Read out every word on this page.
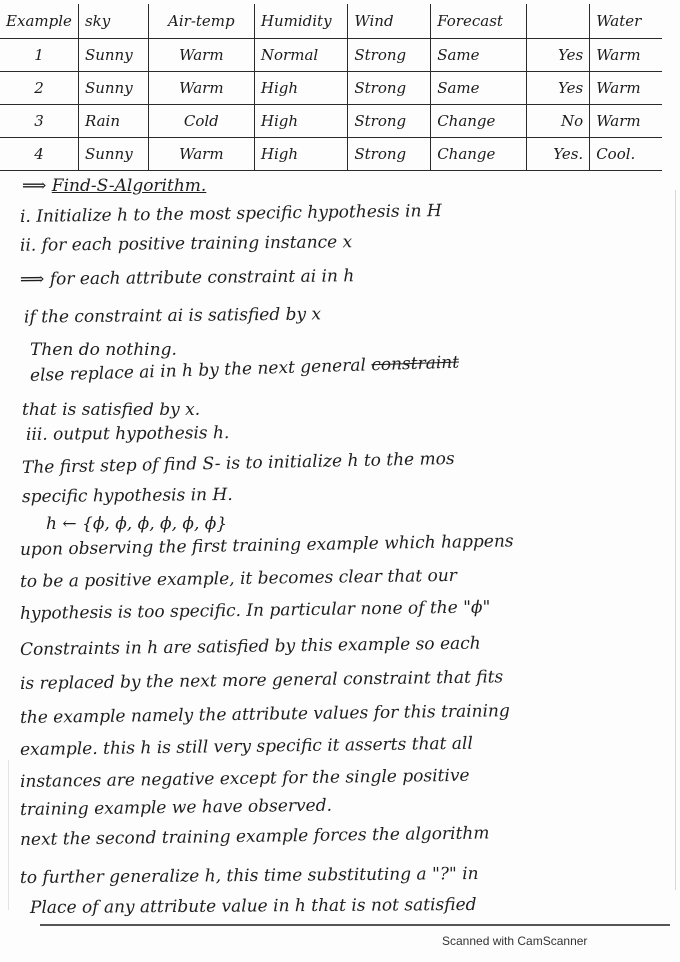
Example	sky	Air-temp	Humidity	Wind	Forecast		Water
1	Sunny	Warm	Normal	Strong	Same	Yes	Warm
2	Sunny	Warm	High	Strong	Same	Yes	Warm
3	Rain	Cold	High	Strong	Change	No	Warm
4	Sunny	Warm	High	Strong	Change	Yes.	Cool.
⟹ Find-S-Algorithm.
i. Initialize h to the most specific hypothesis in H
ii. for each positive training instance x
⟹ for each attribute constraint ai in h
if the constraint ai is satisfied by x
Then do nothing.
else replace ai in h by the next general constraint
that is satisfied by x.
iii. output hypothesis h.
The first step of find S- is to initialize h to the mos
specific hypothesis in H.
h ← {ϕ, ϕ, ϕ, ϕ, ϕ, ϕ}
upon observing the first training example which happens
to be a positive example, it becomes clear that our
hypothesis is too specific. In particular none of the "ϕ"
Constraints in h are satisfied by this example so each
is replaced by the next more general constraint that fits
the example namely the attribute values for this training
example. this h is still very specific it asserts that all
instances are negative except for the single positive
training example we have observed.
next the second training example forces the algorithm
to further generalize h, this time substituting a "?" in
Place of any attribute value in h that is not satisfied
Scanned with CamScanner
